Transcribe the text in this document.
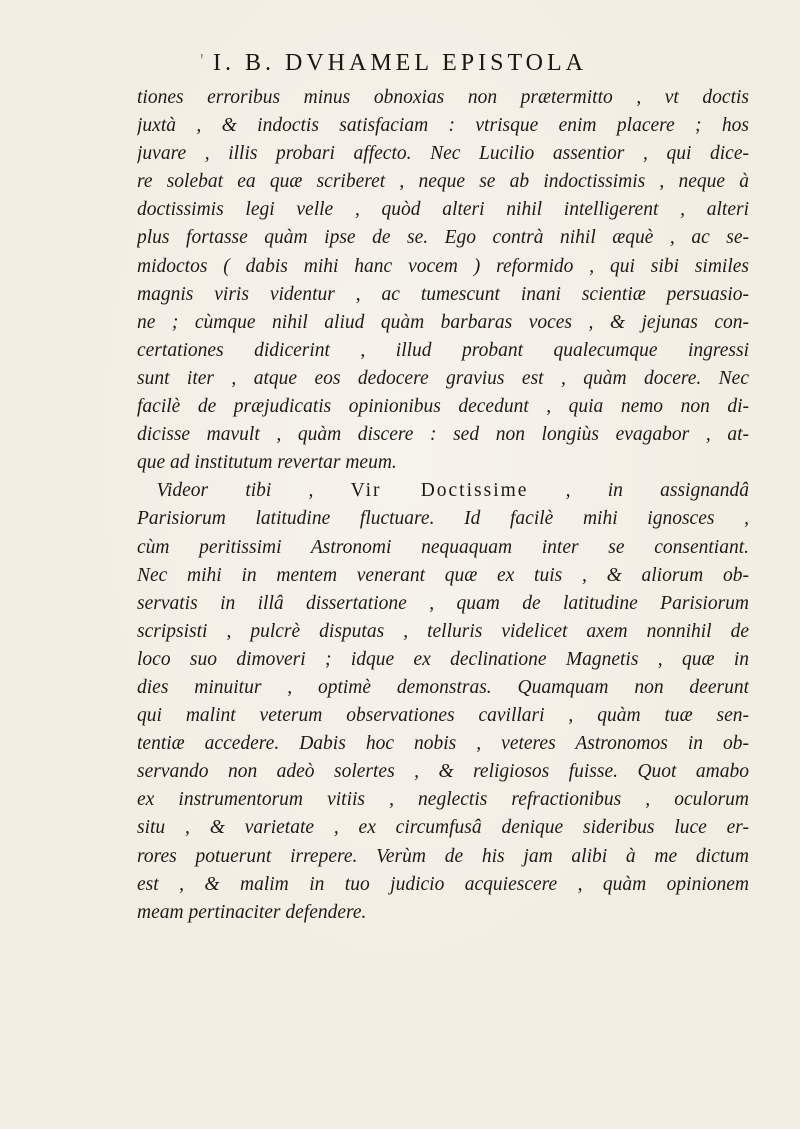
' I. B. DVHAMEL EPISTOLA
tiones erroribus minus obnoxias non prætermitto , vt doctis
juxtà , & indoctis satisfaciam : vtrisque enim placere ; hos
juvare , illis probari affecto. Nec Lucilio assentior , qui dice-
re solebat ea quæ scriberet , neque se ab indoctissimis , neque à
doctissimis legi velle , quòd alteri nihil intelligerent , alteri
plus fortasse quàm ipse de se. Ego contrà nihil æquè , ac se-
midoctos ( dabis mihi hanc vocem ) reformido , qui sibi similes
magnis viris videntur , ac tumescunt inani scientiæ persuasio-
ne ; cùmque nihil aliud quàm barbaras voces , & jejunas con-
certationes didicerint , illud probant qualecumque ingressi
sunt iter , atque eos dedocere gravius est , quàm docere. Nec
facilè de præjudicatis opinionibus decedunt , quia nemo non di-
dicisse mavult , quàm discere : sed non longiùs evagabor , at-
que ad institutum revertar meum.
 Videor tibi , Vir Doctissime , in assignandâ
Parisiorum latitudine fluctuare. Id facilè mihi ignosces ,
cùm peritissimi Astronomi nequaquam inter se consentiant.
Nec mihi in mentem venerant quæ ex tuis , & aliorum ob-
servatis in illâ dissertatione , quam de latitudine Parisiorum
scripsisti , pulcrè disputas , telluris videlicet axem nonnihil de
loco suo dimoveri ; idque ex declinatione Magnetis , quæ in
dies minuitur , optimè demonstras. Quamquam non deerunt
qui malint veterum observationes cavillari , quàm tuæ sen-
tentiæ accedere. Dabis hoc nobis , veteres Astronomos in ob-
servando non adeò solertes , & religiosos fuisse. Quot amabo
ex instrumentorum vitiis , neglectis refractionibus , oculorum
situ , & varietate , ex circumfusâ denique sideribus luce er-
rores potuerunt irrepere. Verùm de his jam alibi à me dictum
est , & malim in tuo judicio acquiescere , quàm opinionem
meam pertinaciter defendere.
